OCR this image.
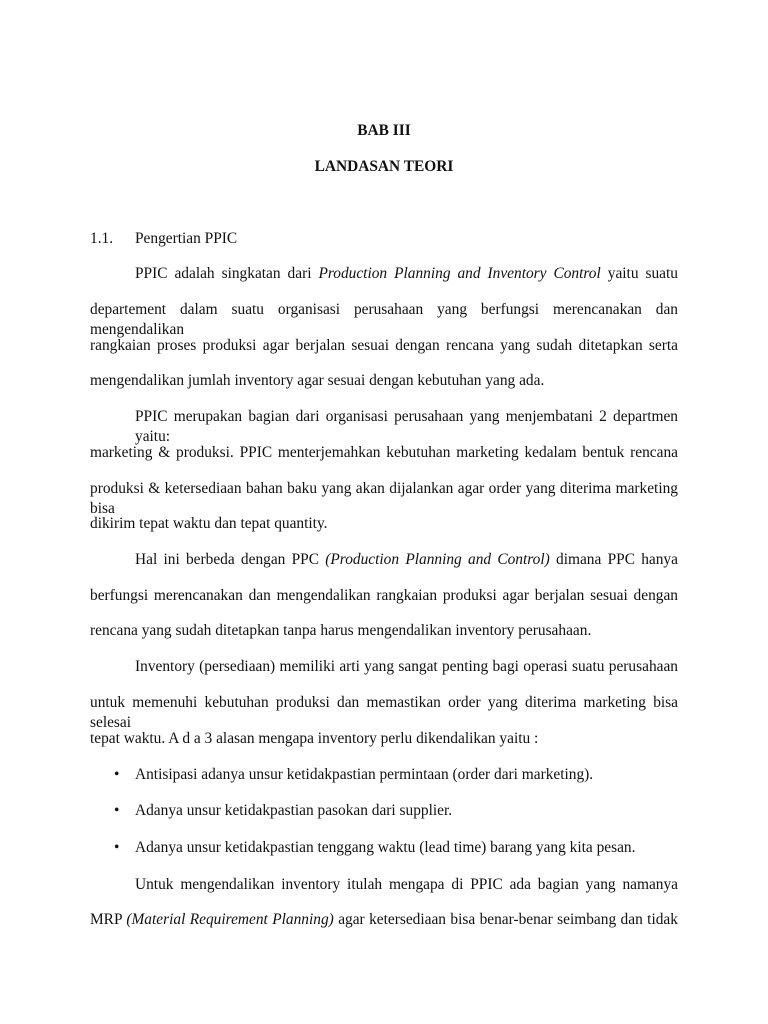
BAB III
LANDASAN TEORI
1.1. Pengertian PPIC
PPIC adalah singkatan dari Production Planning and Inventory Control yaitu suatu
departement dalam suatu organisasi perusahaan yang berfungsi merencanakan dan mengendalikan
rangkaian proses produksi agar berjalan sesuai dengan rencana yang sudah ditetapkan serta
mengendalikan jumlah inventory agar sesuai dengan kebutuhan yang ada.
PPIC merupakan bagian dari organisasi perusahaan yang menjembatani 2 departmen yaitu:
marketing & produksi. PPIC menterjemahkan kebutuhan marketing kedalam bentuk rencana
produksi & ketersediaan bahan baku yang akan dijalankan agar order yang diterima marketing bisa
dikirim tepat waktu dan tepat quantity.
Hal ini berbeda dengan PPC (Production Planning and Control) dimana PPC hanya
berfungsi merencanakan dan mengendalikan rangkaian produksi agar berjalan sesuai dengan
rencana yang sudah ditetapkan tanpa harus mengendalikan inventory perusahaan.
Inventory (persediaan) memiliki arti yang sangat penting bagi operasi suatu perusahaan
untuk memenuhi kebutuhan produksi dan memastikan order yang diterima marketing bisa selesai
tepat waktu. A d a 3 alasan mengapa inventory perlu dikendalikan yaitu :
• Antisipasi adanya unsur ketidakpastian permintaan (order dari marketing).
• Adanya unsur ketidakpastian pasokan dari supplier.
• Adanya unsur ketidakpastian tenggang waktu (lead time) barang yang kita pesan.
Untuk mengendalikan inventory itulah mengapa di PPIC ada bagian yang namanya
MRP (Material Requirement Planning) agar ketersediaan bisa benar-benar seimbang dan tidak
